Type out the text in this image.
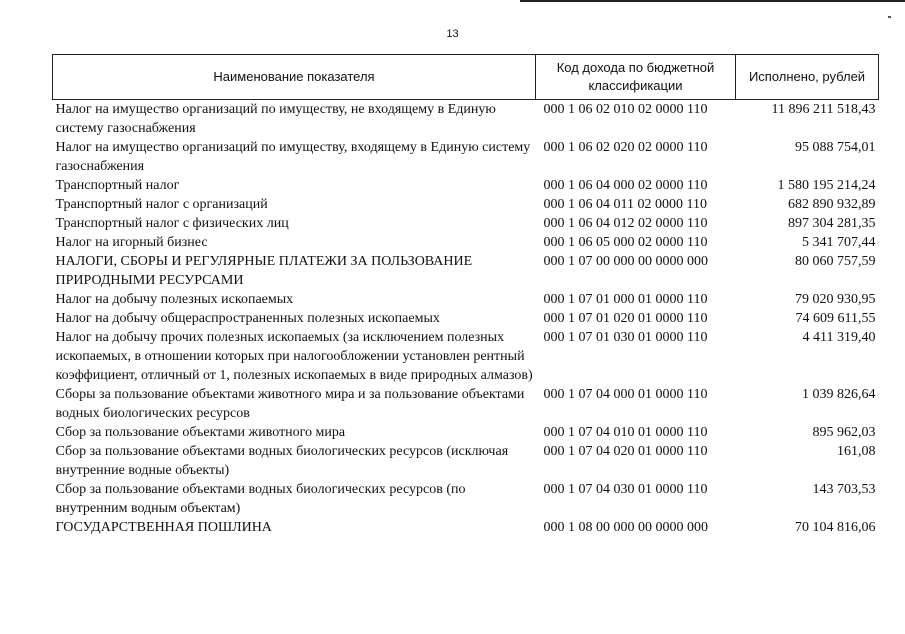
13
Наименование показателя	Код дохода по бюджетной классификации	Исполнено, рублей
Налог на имущество организаций по имуществу, не входящему в Единую систему газоснабжения	000 1 06 02 010 02 0000 110	11 896 211 518,43
Налог на имущество организаций по имуществу, входящему в Единую систему газоснабжения	000 1 06 02 020 02 0000 110	95 088 754,01
Транспортный налог	000 1 06 04 000 02 0000 110	1 580 195 214,24
Транспортный налог с организаций	000 1 06 04 011 02 0000 110	682 890 932,89
Транспортный налог с физических лиц	000 1 06 04 012 02 0000 110	897 304 281,35
Налог на игорный бизнес	000 1 06 05 000 02 0000 110	5 341 707,44
НАЛОГИ, СБОРЫ И РЕГУЛЯРНЫЕ ПЛАТЕЖИ ЗА ПОЛЬЗОВАНИЕ ПРИРОДНЫМИ РЕСУРСАМИ	000 1 07 00 000 00 0000 000	80 060 757,59
Налог на добычу полезных ископаемых	000 1 07 01 000 01 0000 110	79 020 930,95
Налог на добычу общераспространенных полезных ископаемых	000 1 07 01 020 01 0000 110	74 609 611,55
Налог на добычу прочих полезных ископаемых (за исключением полезных ископаемых, в отношении которых при налогообложении установлен рентный коэффициент, отличный от 1, полезных ископаемых в виде природных алмазов)	000 1 07 01 030 01 0000 110	4 411 319,40
Сборы за пользование объектами животного мира и за пользование объектами водных биологических ресурсов	000 1 07 04 000 01 0000 110	1 039 826,64
Сбор за пользование объектами животного мира	000 1 07 04 010 01 0000 110	895 962,03
Сбор за пользование объектами водных биологических ресурсов (исключая внутренние водные объекты)	000 1 07 04 020 01 0000 110	161,08
Сбор за пользование объектами водных биологических ресурсов (по внутренним водным объектам)	000 1 07 04 030 01 0000 110	143 703,53
ГОСУДАРСТВЕННАЯ ПОШЛИНА	000 1 08 00 000 00 0000 000	70 104 816,06
